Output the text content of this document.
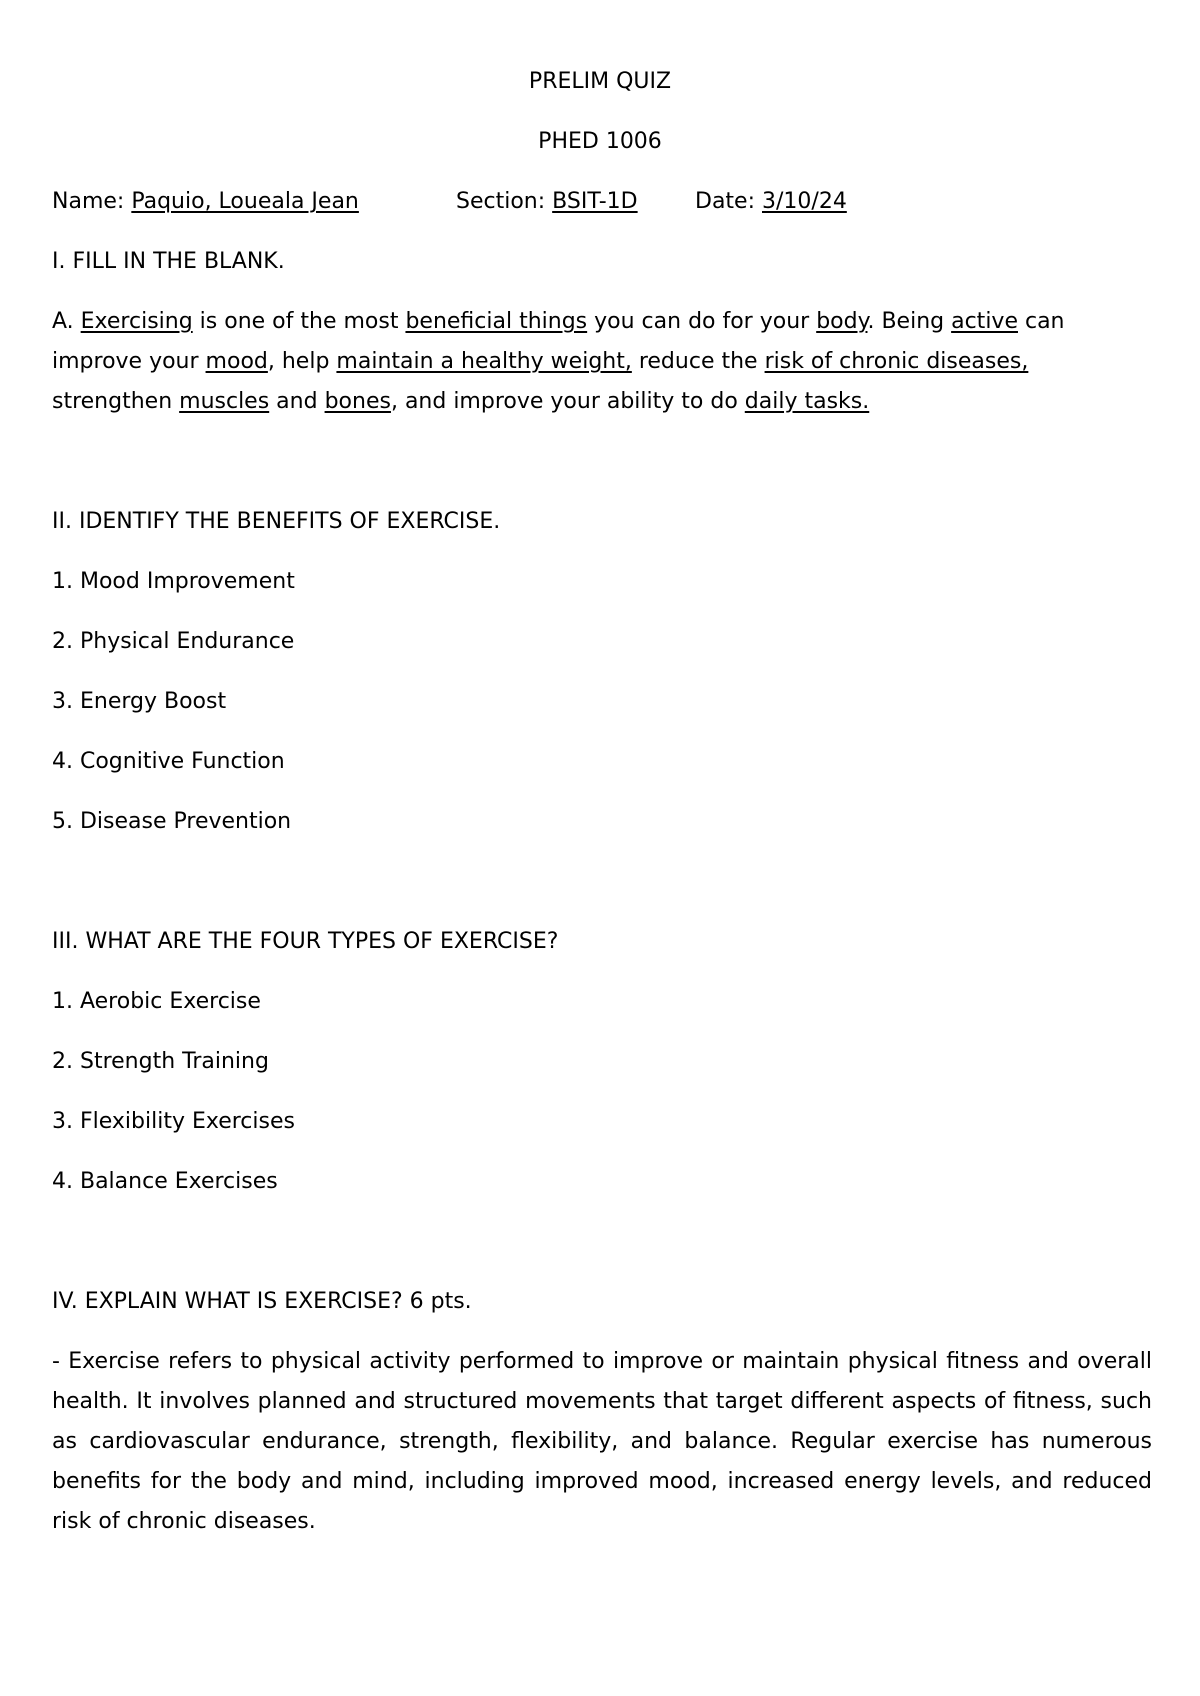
PRELIM QUIZ
PHED 1006
Name: Paquio, Loueala Jean	Section: BSIT-1D	Date: 3/10/24
I. FILL IN THE BLANK.
A. Exercising is one of the most beneficial things you can do for your body. Being active can improve your mood, help maintain a healthy weight, reduce the risk of chronic diseases, strengthen muscles and bones, and improve your ability to do daily tasks.
II. IDENTIFY THE BENEFITS OF EXERCISE.
1. Mood Improvement
2. Physical Endurance
3. Energy Boost
4. Cognitive Function
5. Disease Prevention
III. WHAT ARE THE FOUR TYPES OF EXERCISE?
1. Aerobic Exercise
2. Strength Training
3. Flexibility Exercises
4. Balance Exercises
IV. EXPLAIN WHAT IS EXERCISE? 6 pts.
- Exercise refers to physical activity performed to improve or maintain physical fitness and overall health. It involves planned and structured movements that target different aspects of fitness, such as cardiovascular endurance, strength, flexibility, and balance. Regular exercise has numerous benefits for the body and mind, including improved mood, increased energy levels, and reduced risk of chronic diseases.
